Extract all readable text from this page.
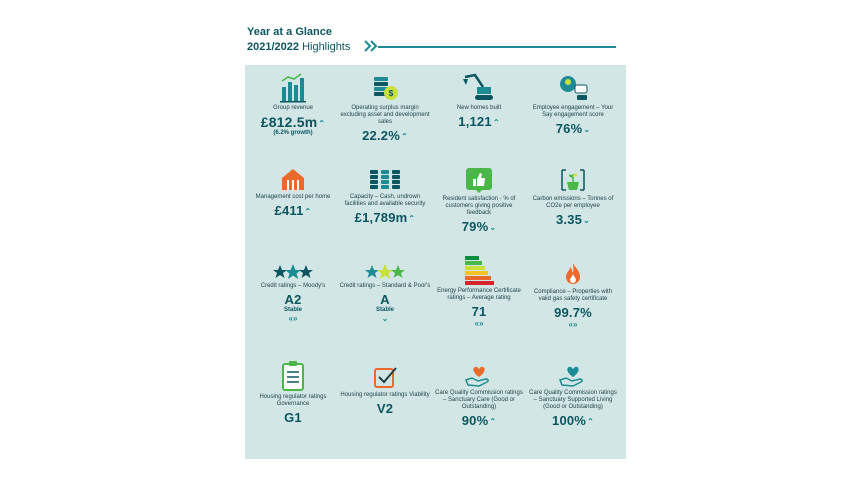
Year at a Glance
2021/2022 Highlights
Group revenue
£812.5m⌃
(6.2% growth)
$
Operating surplus margin excluding asset and development sales
22.2%⌃
New homes built
1,121⌃
Employee engagement – Your Say engagement score
76%⌄
Management cost per home
£411⌃
Capacity – Cash, undrown facilities and available security
£1,789m⌃
Resident satisfaction - % of customers giving positive feedback
79%⌄
Carbon emissions – Tonnes of CO2e per employee
3.35⌄
Credit ratings – Moody's
A2
Stable
«»
Credit ratings – Standard & Poor's
A
Stable
⌄
Energy Performance Certificate ratings – Average rating
71
«»
Compliance – Properties with valid gas safety certificate
99.7%
«»
Housing regulator ratings Governance
G1
Housing regulator ratings Viability
V2
Care Quality Commission ratings – Sanctuary Care (Good or Outstanding)
90%⌃
Care Quality Commission ratings – Sanctuary Supported Living (Good or Outstanding)
100%⌃
